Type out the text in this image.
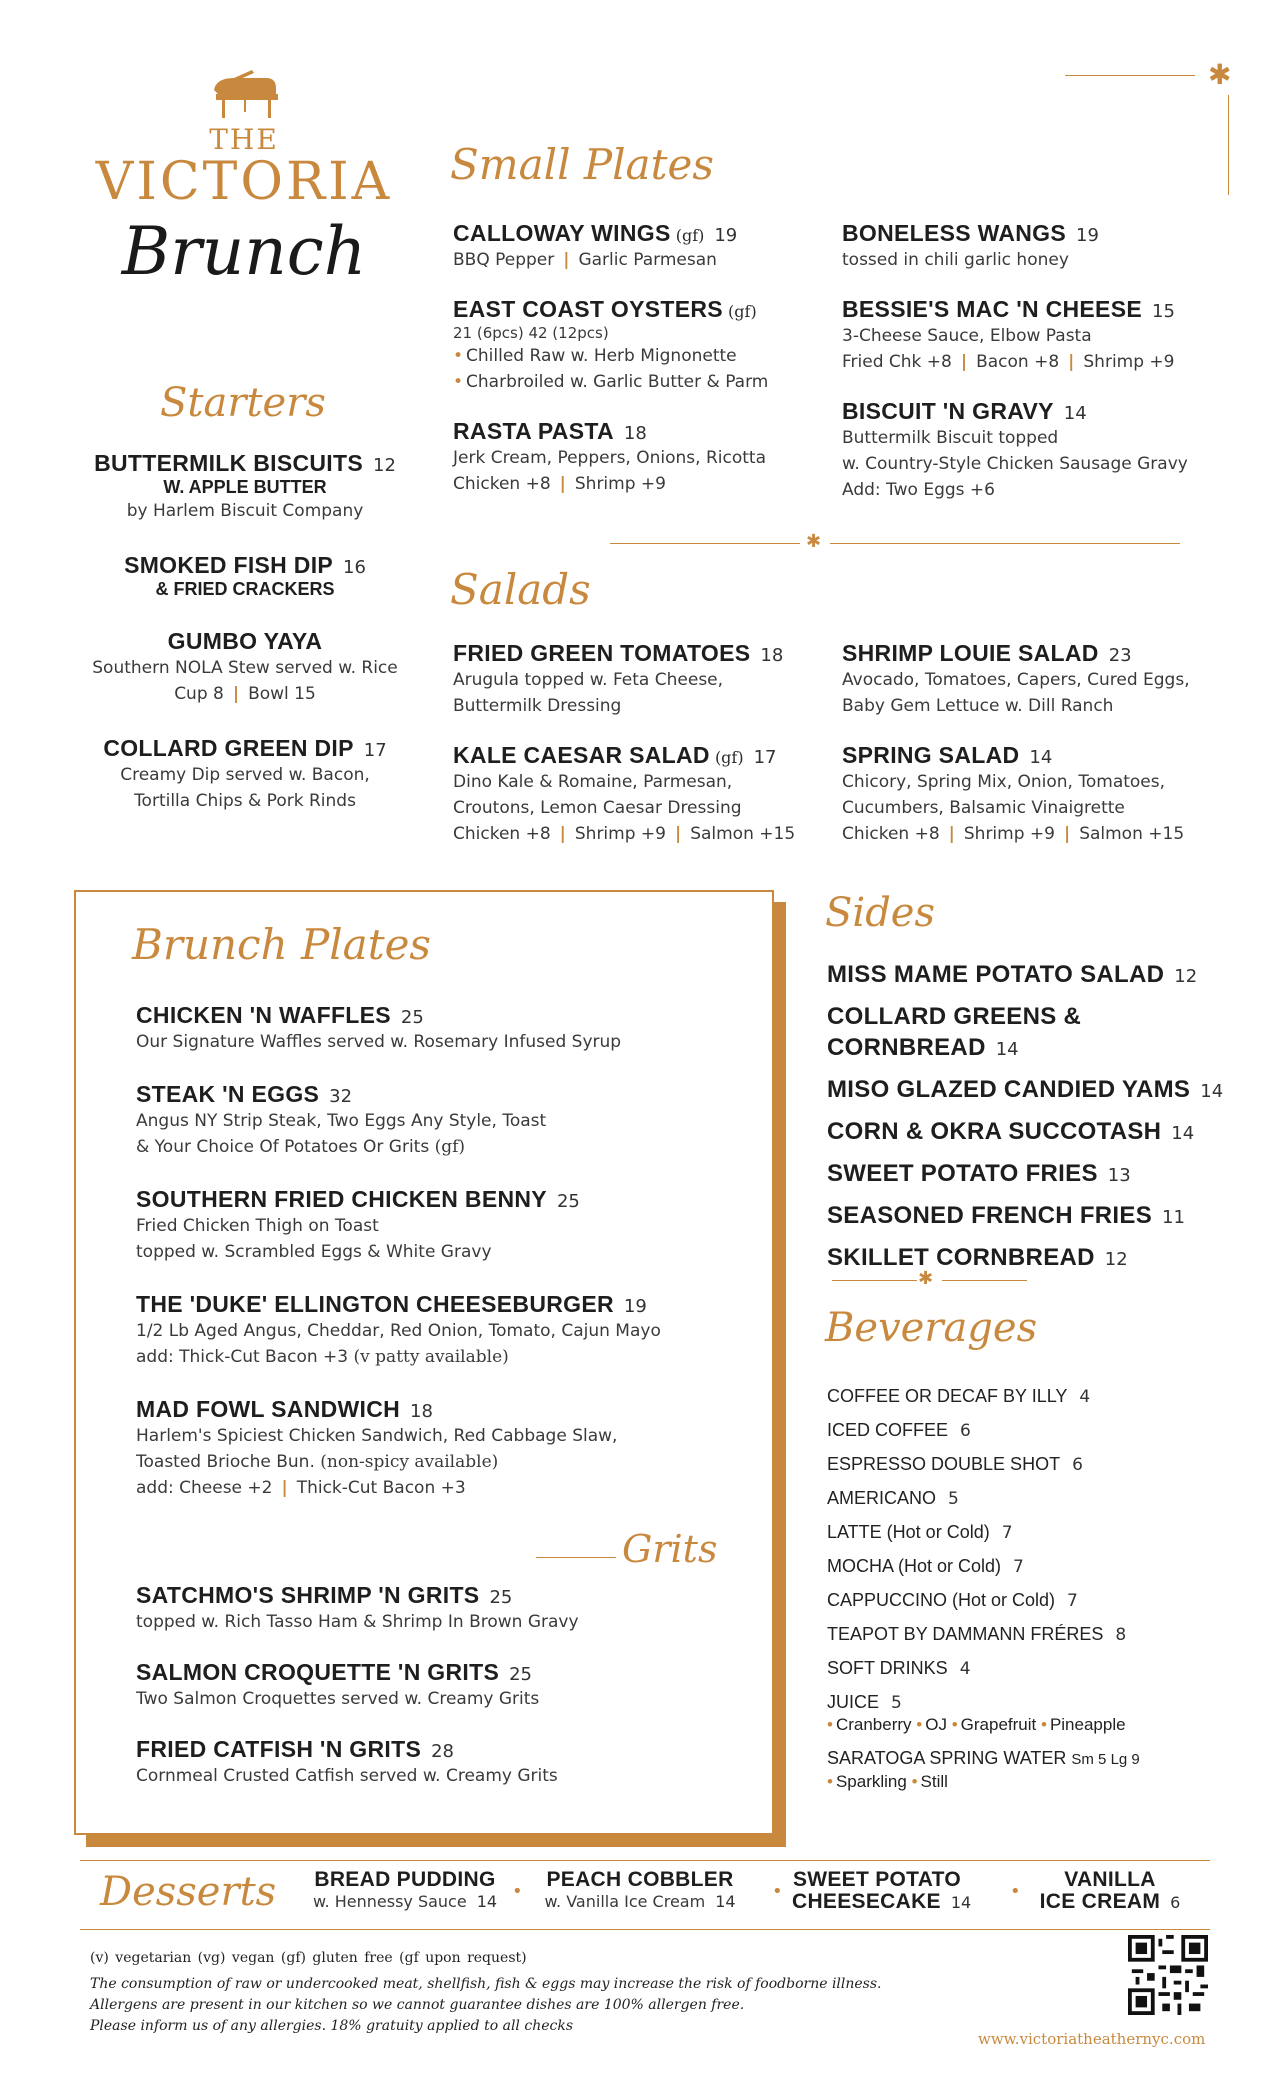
THE
VICTORIA
Brunch
✱
Starters
BUTTERMILK BISCUITS 12
W. APPLE BUTTER
by Harlem Biscuit Company
SMOKED FISH DIP 16
& FRIED CRACKERS
GUMBO YAYA
Southern NOLA Stew served w. Rice
Cup 8 | Bowl 15
COLLARD GREEN DIP 17
Creamy Dip served w. Bacon,
Tortilla Chips & Pork Rinds
Small Plates
CALLOWAY WINGS (gf) 19
BBQ Pepper | Garlic Parmesan
EAST COAST OYSTERS (gf)
21 (6pcs) 42 (12pcs)
• Chilled Raw w. Herb Mignonette
• Charbroiled w. Garlic Butter & Parm
RASTA PASTA 18
Jerk Cream, Peppers, Onions, Ricotta
Chicken +8 | Shrimp +9
BONELESS WANGS 19
tossed in chili garlic honey
BESSIE'S MAC 'N CHEESE 15
3-Cheese Sauce, Elbow Pasta
Fried Chk +8 | Bacon +8 | Shrimp +9
BISCUIT 'N GRAVY 14
Buttermilk Biscuit topped
w. Country-Style Chicken Sausage Gravy
Add: Two Eggs +6
✱
Salads
FRIED GREEN TOMATOES 18
Arugula topped w. Feta Cheese,
Buttermilk Dressing
KALE CAESAR SALAD (gf) 17
Dino Kale & Romaine, Parmesan,
Croutons, Lemon Caesar Dressing
Chicken +8 | Shrimp +9 | Salmon +15
SHRIMP LOUIE SALAD 23
Avocado, Tomatoes, Capers, Cured Eggs,
Baby Gem Lettuce w. Dill Ranch
SPRING SALAD 14
Chicory, Spring Mix, Onion, Tomatoes,
Cucumbers, Balsamic Vinaigrette
Chicken +8 | Shrimp +9 | Salmon +15
Brunch Plates
CHICKEN 'N WAFFLES 25
Our Signature Waffles served w. Rosemary Infused Syrup
STEAK 'N EGGS 32
Angus NY Strip Steak, Two Eggs Any Style, Toast
& Your Choice Of Potatoes Or Grits (gf)
SOUTHERN FRIED CHICKEN BENNY 25
Fried Chicken Thigh on Toast
topped w. Scrambled Eggs & White Gravy
THE 'DUKE' ELLINGTON CHEESEBURGER 19
1/2 Lb Aged Angus, Cheddar, Red Onion, Tomato, Cajun Mayo
add: Thick-Cut Bacon +3 (v patty available)
MAD FOWL SANDWICH 18
Harlem's Spiciest Chicken Sandwich, Red Cabbage Slaw,
Toasted Brioche Bun. (non-spicy available)
add: Cheese +2 | Thick-Cut Bacon +3
Grits
SATCHMO'S SHRIMP 'N GRITS 25
topped w. Rich Tasso Ham & Shrimp In Brown Gravy
SALMON CROQUETTE 'N GRITS 25
Two Salmon Croquettes served w. Creamy Grits
FRIED CATFISH 'N GRITS 28
Cornmeal Crusted Catfish served w. Creamy Grits
Sides
MISS MAME POTATO SALAD 12
COLLARD GREENS & CORNBREAD 14
MISO GLAZED CANDIED YAMS 14
CORN & OKRA SUCCOTASH 14
SWEET POTATO FRIES 13
SEASONED FRENCH FRIES 11
SKILLET CORNBREAD 12
✱
Beverages
COFFEE OR DECAF BY ILLY 4
ICED COFFEE 6
ESPRESSO DOUBLE SHOT 6
AMERICANO 5
LATTE (Hot or Cold) 7
MOCHA (Hot or Cold) 7
CAPPUCCINO (Hot or Cold) 7
TEAPOT BY DAMMANN FRÉRES 8
SOFT DRINKS 4
JUICE 5
• Cranberry • OJ • Grapefruit • Pineapple
SARATOGA SPRING WATER Sm 5 Lg 9
• Sparkling • Still
Desserts	BREAD PUDDING
w. Hennessy Sauce 14 •
PEACH COBBLER
w. Vanilla Ice Cream 14	•
SWEET POTATO
CHEESECAKE 14
•
VANILLA
ICE CREAM 6
(v) vegetarian (vg) vegan (gf) gluten free (gf upon request)
The consumption of raw or undercooked meat, shellfish, fish & eggs may increase the risk of foodborne illness.
Allergens are present in our kitchen so we cannot guarantee dishes are 100% allergen free.
Please inform us of any allergies. 18% gratuity applied to all checks
www.victoriatheathernyc.com
